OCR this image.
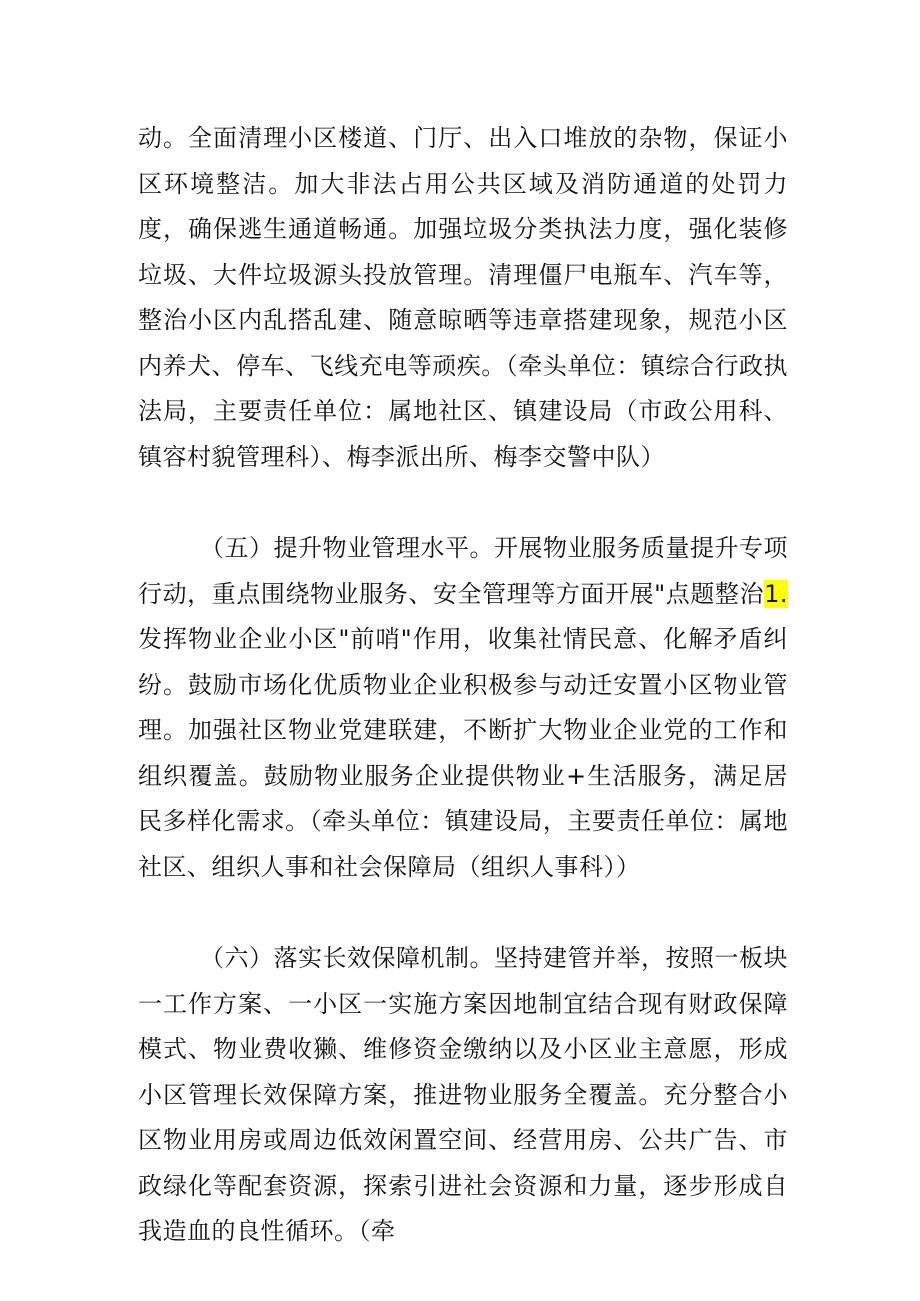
动。全面清理小区楼道、门厅、出入口堆放的杂物，保证小区环境整洁。加大非法占用公共区域及消防通道的处罚力度，确保逃生通道畅通。加强垃圾分类执法力度，强化装修垃圾、大件垃圾源头投放管理。清理僵尸电瓶车、汽车等，整治小区内乱搭乱建、随意晾晒等违章搭建现象，规范小区内养犬、停车、飞线充电等顽疾。（牵头单位：镇综合行政执法局，主要责任单位：属地社区、镇建设局（市政公用科、镇容村貌管理科）、梅李派出所、梅李交警中队）

（五）提升物业管理水平。开展物业服务质量提升专项行动，重点围绕物业服务、安全管理等方面开展"点题整治1.发挥物业企业小区"前哨"作用，收集社情民意、化解矛盾纠纷。鼓励市场化优质物业企业积极参与动迁安置小区物业管理。加强社区物业党建联建，不断扩大物业企业党的工作和组织覆盖。鼓励物业服务企业提供物业+生活服务，满足居民多样化需求。（牵头单位：镇建设局，主要责任单位：属地社区、组织人事和社会保障局（组织人事科））

（六）落实长效保障机制。坚持建管并举，按照一板块一工作方案、一小区一实施方案因地制宜结合现有财政保障模式、物业费收獭、维修资金缴纳以及小区业主意愿，形成小区管理长效保障方案，推进物业服务全覆盖。充分整合小区物业用房或周边低效闲置空间、经营用房、公共广告、市政绿化等配套资源，探索引进社会资源和力量，逐步形成自我造血的良性循环。（牵
